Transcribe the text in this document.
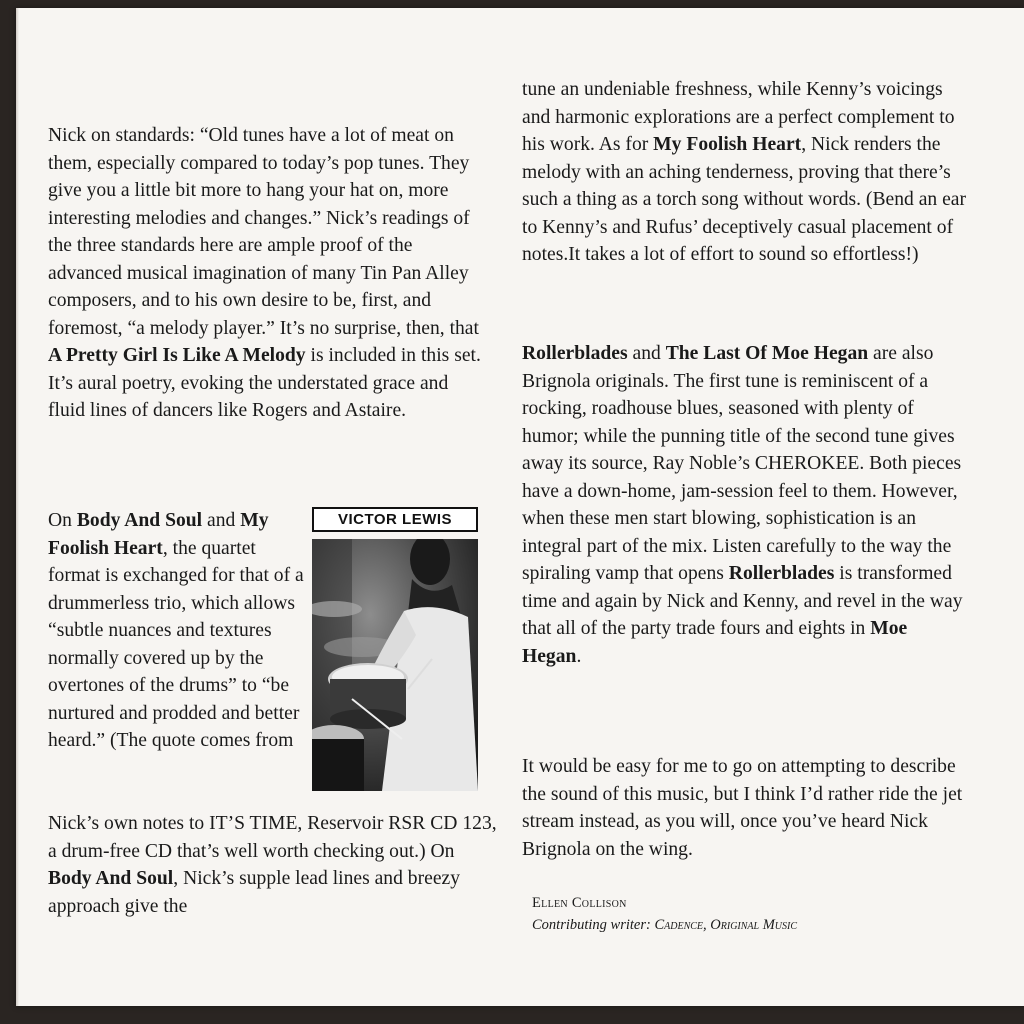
Nick on standards: “Old tunes have a lot of meat on them, especially compared to today’s pop tunes. They give you a little bit more to hang your hat on, more interesting melodies and changes.” Nick’s readings of the three standards here are ample proof of the advanced musical imagination of many Tin Pan Alley composers, and to his own desire to be, first, and foremost, “a melody player.” It’s no surprise, then, that A Pretty Girl Is Like A Melody is included in this set. It’s aural poetry, evoking the understated grace and fluid lines of dancers like Rogers and Astaire.

On Body And Soul and My Foolish Heart, the quartet format is exchanged for that of a drummerless trio, which allows “subtle nuances and textures normally covered up by the overtones of the drums” to “be nurtured and prodded and better heard.” (The quote comes from

VICTOR LEWIS

Nick’s own notes to IT’S TIME, Reservoir RSR CD 123, a drum-free CD that’s well worth checking out.) On Body And Soul, Nick’s supple lead lines and breezy approach give the

tune an undeniable freshness, while Kenny’s voicings and harmonic explorations are a perfect complement to his work. As for My Foolish Heart, Nick renders the melody with an aching tenderness, proving that there’s such a thing as a torch song without words. (Bend an ear to Kenny’s and Rufus’ deceptively casual placement of notes.It takes a lot of effort to sound so effortless!)

Rollerblades and The Last Of Moe Hegan are also Brignola originals. The first tune is reminiscent of a rocking, roadhouse blues, seasoned with plenty of humor; while the punning title of the second tune gives away its source, Ray Noble’s CHEROKEE. Both pieces have a down-home, jam-session feel to them. However, when these men start blowing, sophistication is an integral part of the mix. Listen carefully to the way the spiraling vamp that opens Rollerblades is transformed time and again by Nick and Kenny, and revel in the way that all of the party trade fours and eights in Moe Hegan.

It would be easy for me to go on attempting to describe the sound of this music, but I think I’d rather ride the jet stream instead, as you will, once you’ve heard Nick Brignola on the wing.

Ellen Collison
Contributing writer: Cadence, Original Music
